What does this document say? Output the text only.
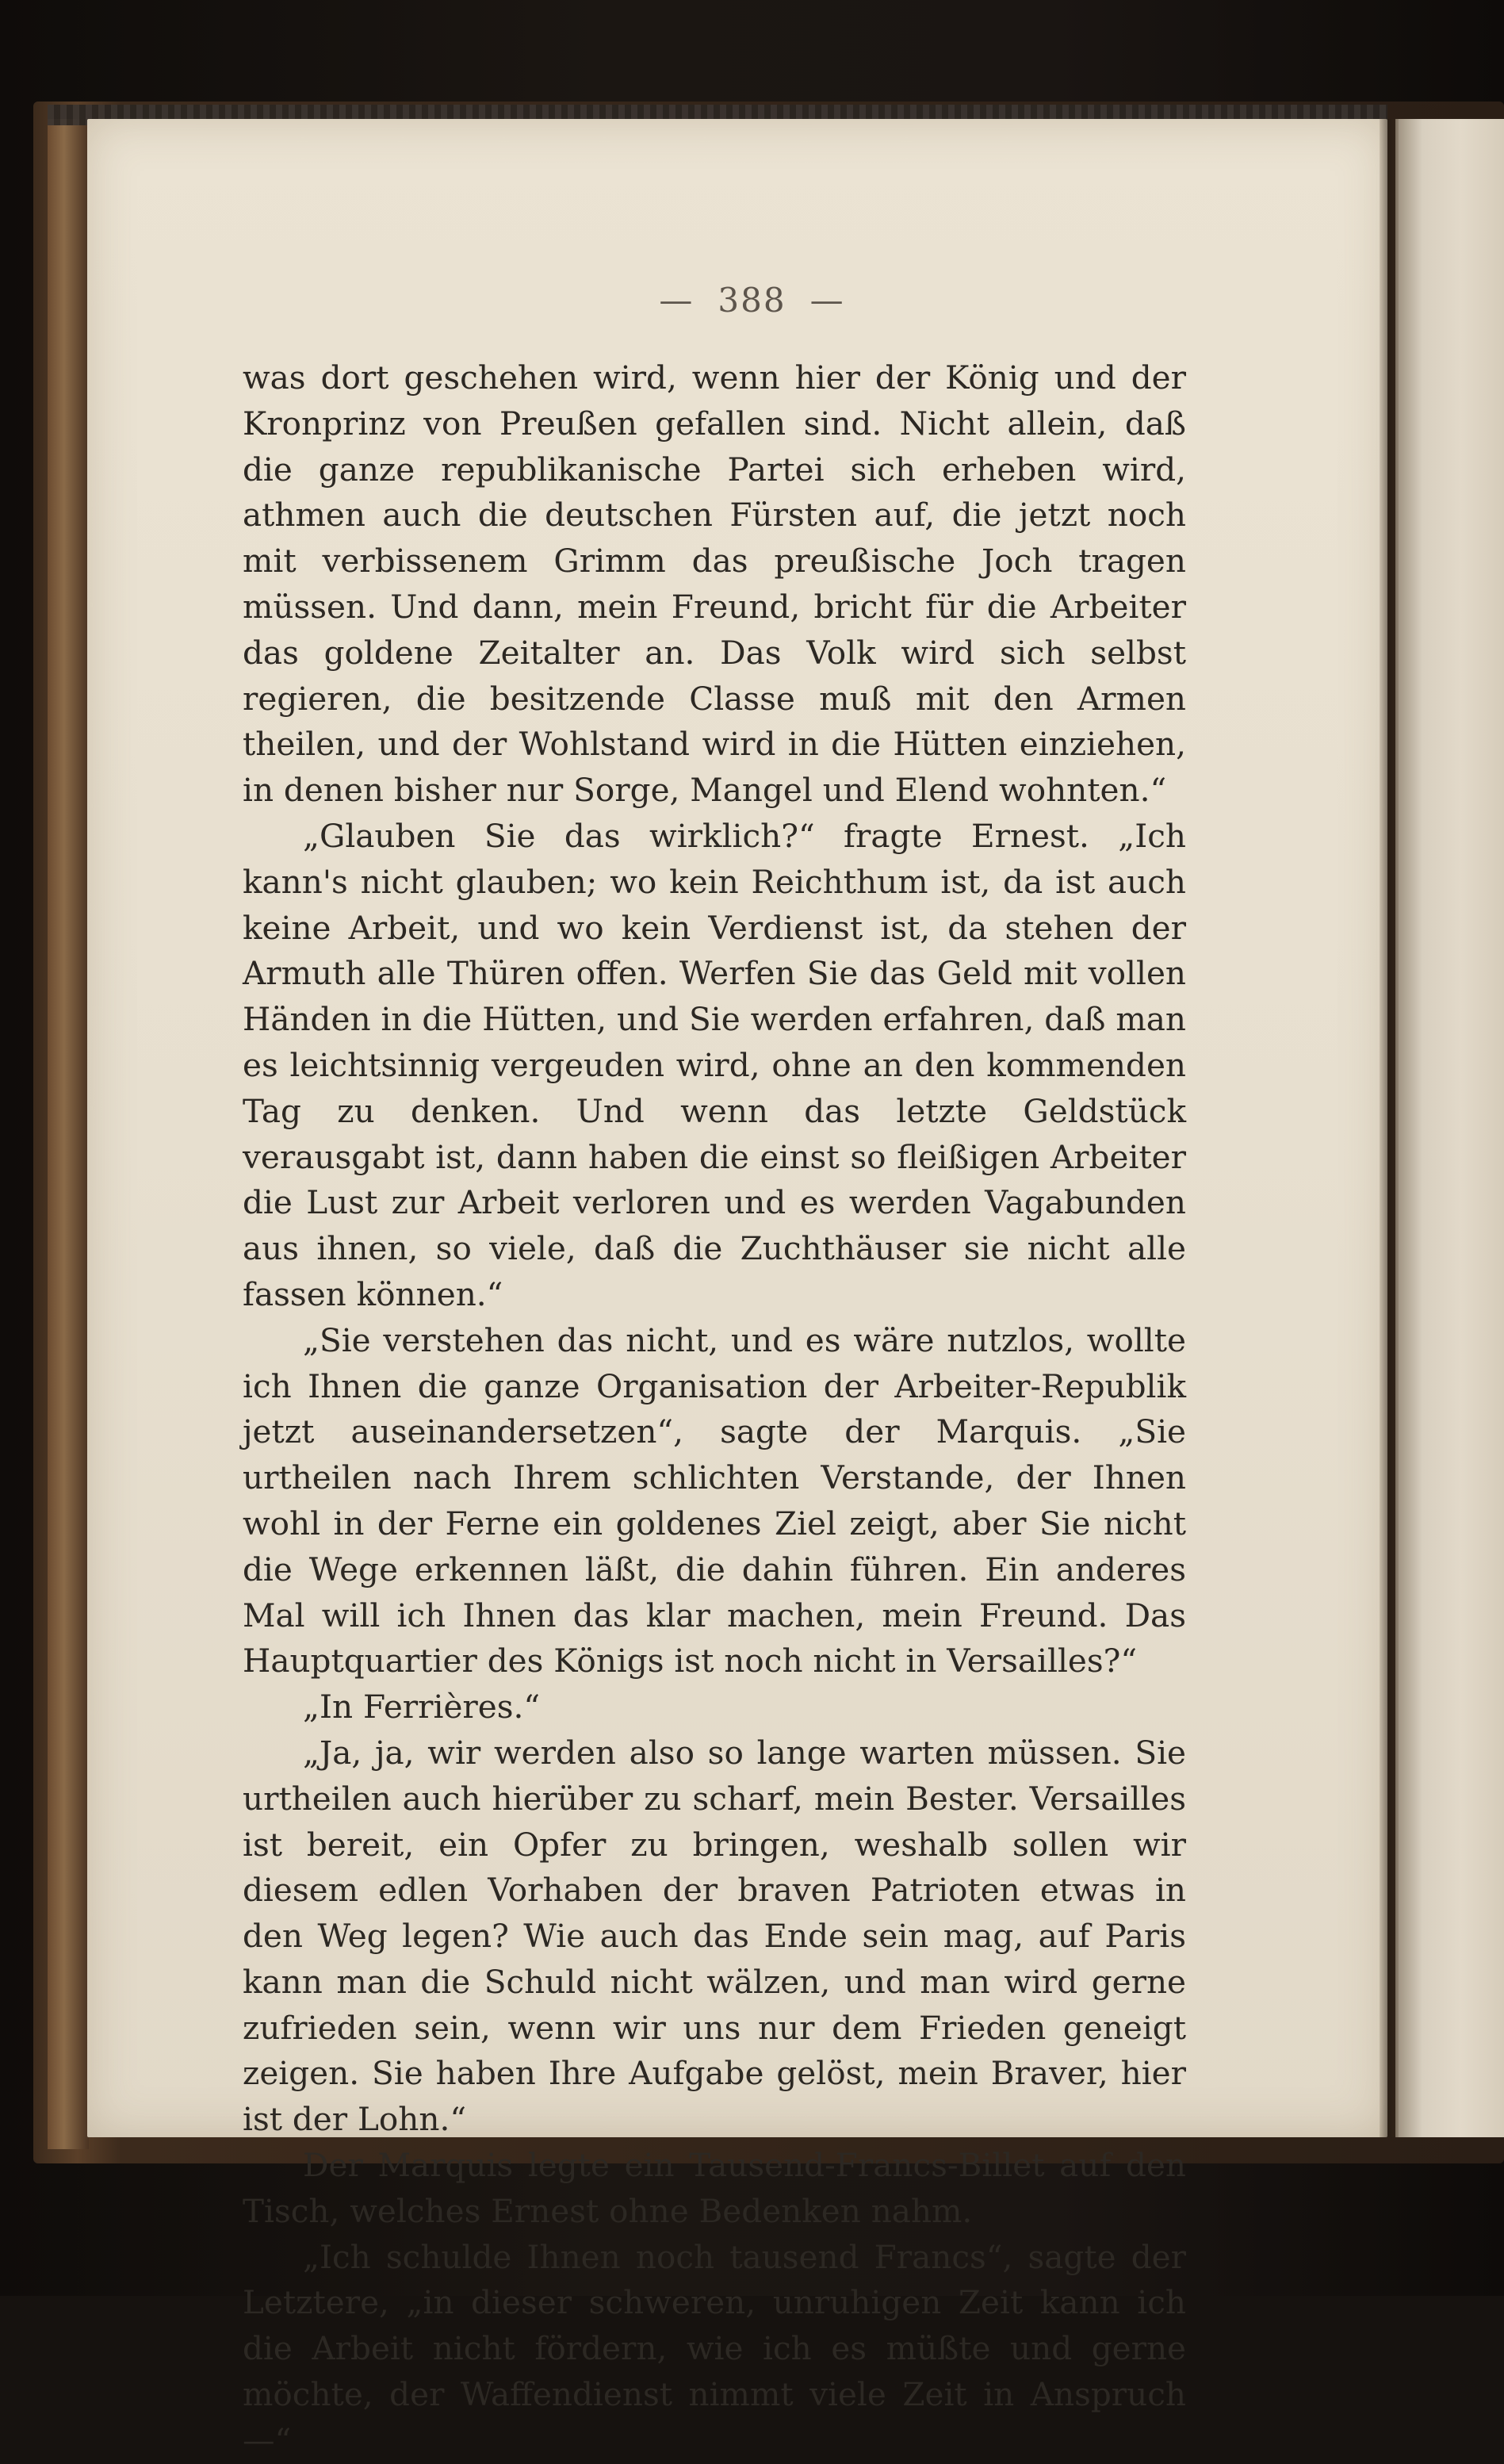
— 388 —

was dort geschehen wird, wenn hier der König und der Kronprinz von Preußen gefallen sind. Nicht allein, daß die ganze republikanische Partei sich erheben wird, athmen auch die deutschen Fürsten auf, die jetzt noch mit verbissenem Grimm das preußische Joch tragen müssen. Und dann, mein Freund, bricht für die Arbeiter das goldene Zeitalter an. Das Volk wird sich selbst regieren, die besitzende Classe muß mit den Armen theilen, und der Wohlstand wird in die Hütten einziehen, in denen bisher nur Sorge, Mangel und Elend wohnten.“

„Glauben Sie das wirklich?“ fragte Ernest. „Ich kann's nicht glauben; wo kein Reichthum ist, da ist auch keine Arbeit, und wo kein Verdienst ist, da stehen der Armuth alle Thüren offen. Werfen Sie das Geld mit vollen Händen in die Hütten, und Sie werden erfahren, daß man es leichtsinnig vergeuden wird, ohne an den kommenden Tag zu denken. Und wenn das letzte Geldstück verausgabt ist, dann haben die einst so fleißigen Arbeiter die Lust zur Arbeit verloren und es werden Vagabunden aus ihnen, so viele, daß die Zuchthäuser sie nicht alle fassen können.“

„Sie verstehen das nicht, und es wäre nutzlos, wollte ich Ihnen die ganze Organisation der Arbeiter-Republik jetzt auseinandersetzen“, sagte der Marquis. „Sie urtheilen nach Ihrem schlichten Verstande, der Ihnen wohl in der Ferne ein goldenes Ziel zeigt, aber Sie nicht die Wege erkennen läßt, die dahin führen. Ein anderes Mal will ich Ihnen das klar machen, mein Freund. Das Hauptquartier des Königs ist noch nicht in Versailles?“

„In Ferrières.“

„Ja, ja, wir werden also so lange warten müssen. Sie urtheilen auch hierüber zu scharf, mein Bester. Versailles ist bereit, ein Opfer zu bringen, weshalb sollen wir diesem edlen Vorhaben der braven Patrioten etwas in den Weg legen? Wie auch das Ende sein mag, auf Paris kann man die Schuld nicht wälzen, und man wird gerne zufrieden sein, wenn wir uns nur dem Frieden geneigt zeigen. Sie haben Ihre Aufgabe gelöst, mein Braver, hier ist der Lohn.“

Der Marquis legte ein Tausend-Francs-Billet auf den Tisch, welches Ernest ohne Bedenken nahm.

„Ich schulde Ihnen noch tausend Francs“, sagte der Letztere, „in dieser schweren, unruhigen Zeit kann ich die Arbeit nicht fördern, wie ich es müßte und gerne möchte, der Waffendienst nimmt viele Zeit in Anspruch —“
